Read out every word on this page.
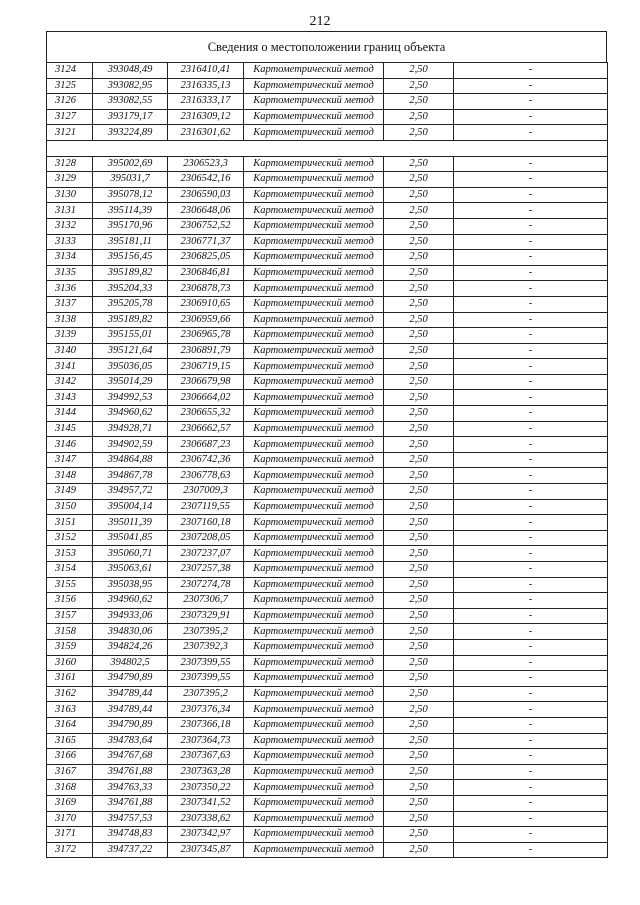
212
Сведения о местоположении границ объекта
3124	393048,49	2316410,41	Картометрический метод	2,50	-
3125	393082,95	2316335,13	Картометрический метод	2,50	-
3126	393082,55	2316333,17	Картометрический метод	2,50	-
3127	393179,17	2316309,12	Картометрический метод	2,50	-
3121	393224,89	2316301,62	Картометрический метод	2,50	-

3128	395002,69	2306523,3	Картометрический метод	2,50	-
3129	395031,7	2306542,16	Картометрический метод	2,50	-
3130	395078,12	2306590,03	Картометрический метод	2,50	-
3131	395114,39	2306648,06	Картометрический метод	2,50	-
3132	395170,96	2306752,52	Картометрический метод	2,50	-
3133	395181,11	2306771,37	Картометрический метод	2,50	-
3134	395156,45	2306825,05	Картометрический метод	2,50	-
3135	395189,82	2306846,81	Картометрический метод	2,50	-
3136	395204,33	2306878,73	Картометрический метод	2,50	-
3137	395205,78	2306910,65	Картометрический метод	2,50	-
3138	395189,82	2306959,66	Картометрический метод	2,50	-
3139	395155,01	2306965,78	Картометрический метод	2,50	-
3140	395121,64	2306891,79	Картометрический метод	2,50	-
3141	395036,05	2306719,15	Картометрический метод	2,50	-
3142	395014,29	2306679,98	Картометрический метод	2,50	-
3143	394992,53	2306664,02	Картометрический метод	2,50	-
3144	394960,62	2306655,32	Картометрический метод	2,50	-
3145	394928,71	2306662,57	Картометрический метод	2,50	-
3146	394902,59	2306687,23	Картометрический метод	2,50	-
3147	394864,88	2306742,36	Картометрический метод	2,50	-
3148	394867,78	2306778,63	Картометрический метод	2,50	-
3149	394957,72	2307009,3	Картометрический метод	2,50	-
3150	395004,14	2307119,55	Картометрический метод	2,50	-
3151	395011,39	2307160,18	Картометрический метод	2,50	-
3152	395041,85	2307208,05	Картометрический метод	2,50	-
3153	395060,71	2307237,07	Картометрический метод	2,50	-
3154	395063,61	2307257,38	Картометрический метод	2,50	-
3155	395038,95	2307274,78	Картометрический метод	2,50	-
3156	394960,62	2307306,7	Картометрический метод	2,50	-
3157	394933,06	2307329,91	Картометрический метод	2,50	-
3158	394830,06	2307395,2	Картометрический метод	2,50	-
3159	394824,26	2307392,3	Картометрический метод	2,50	-
3160	394802,5	2307399,55	Картометрический метод	2,50	-
3161	394790,89	2307399,55	Картометрический метод	2,50	-
3162	394789,44	2307395,2	Картометрический метод	2,50	-
3163	394789,44	2307376,34	Картометрический метод	2,50	-
3164	394790,89	2307366,18	Картометрический метод	2,50	-
3165	394783,64	2307364,73	Картометрический метод	2,50	-
3166	394767,68	2307367,63	Картометрический метод	2,50	-
3167	394761,88	2307363,28	Картометрический метод	2,50	-
3168	394763,33	2307350,22	Картометрический метод	2,50	-
3169	394761,88	2307341,52	Картометрический метод	2,50	-
3170	394757,53	2307338,62	Картометрический метод	2,50	-
3171	394748,83	2307342,97	Картометрический метод	2,50	-
3172	394737,22	2307345,87	Картометрический метод	2,50	-
